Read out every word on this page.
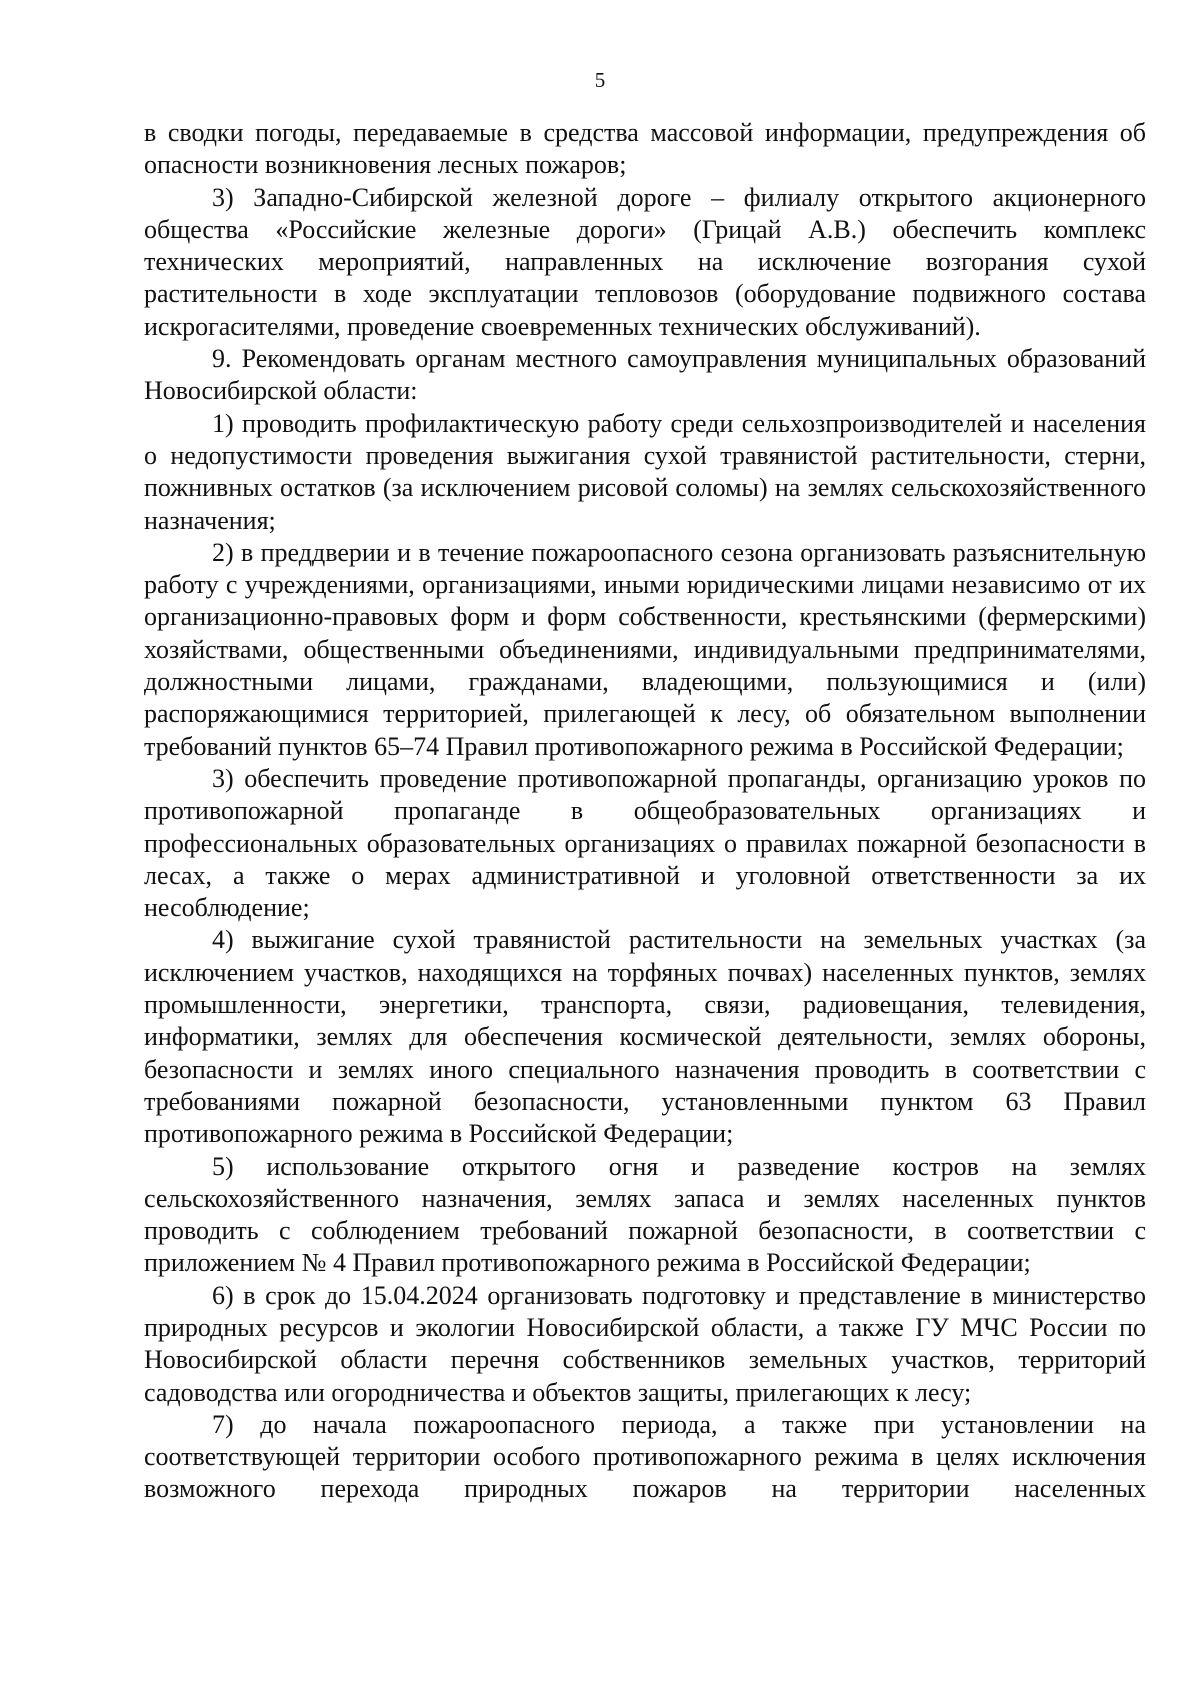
5

в сводки погоды, передаваемые в средства массовой информации, предупреждения об опасности возникновения лесных пожаров;

3) Западно-Сибирской железной дороге – филиалу открытого акционерного общества «Российские железные дороги» (Грицай А.В.) обеспечить комплекс технических мероприятий, направленных на исключение возгорания сухой растительности в ходе эксплуатации тепловозов (оборудование подвижного состава искрогасителями, проведение своевременных технических обслуживаний).

9. Рекомендовать органам местного самоуправления муниципальных образований Новосибирской области:

1) проводить профилактическую работу среди сельхозпроизводителей и населения о недопустимости проведения выжигания сухой травянистой растительности, стерни, пожнивных остатков (за исключением рисовой соломы) на землях сельскохозяйственного назначения;

2) в преддверии и в течение пожароопасного сезона организовать разъяснительную работу с учреждениями, организациями, иными юридическими лицами независимо от их организационно-правовых форм и форм собственности, крестьянскими (фермерскими) хозяйствами, общественными объединениями, индивидуальными предпринимателями, должностными лицами, гражданами, владеющими, пользующимися и (или) распоряжающимися территорией, прилегающей к лесу, об обязательном выполнении требований пунктов 65–74 Правил противопожарного режима в Российской Федерации;

3) обеспечить проведение противопожарной пропаганды, организацию уроков по противопожарной пропаганде в общеобразовательных организациях и профессиональных образовательных организациях о правилах пожарной безопасности в лесах, а также о мерах административной и уголовной ответственности за их несоблюдение;

4) выжигание сухой травянистой растительности на земельных участках (за исключением участков, находящихся на торфяных почвах) населенных пунктов, землях промышленности, энергетики, транспорта, связи, радиовещания, телевидения, информатики, землях для обеспечения космической деятельности, землях обороны, безопасности и землях иного специального назначения проводить в соответствии с требованиями пожарной безопасности, установленными пунктом 63 Правил противопожарного режима в Российской Федерации;

5) использование открытого огня и разведение костров на землях сельскохозяйственного назначения, землях запаса и землях населенных пунктов проводить с соблюдением требований пожарной безопасности, в соответствии с приложением № 4 Правил противопожарного режима в Российской Федерации;

6) в срок до 15.04.2024 организовать подготовку и представление в министерство природных ресурсов и экологии Новосибирской области, а также ГУ МЧС России по Новосибирской области перечня собственников земельных участков, территорий садоводства или огородничества и объектов защиты, прилегающих к лесу;

7) до начала пожароопасного периода, а также при установлении на соответствующей территории особого противопожарного режима в целях исключения возможного перехода природных пожаров на территории населенных
